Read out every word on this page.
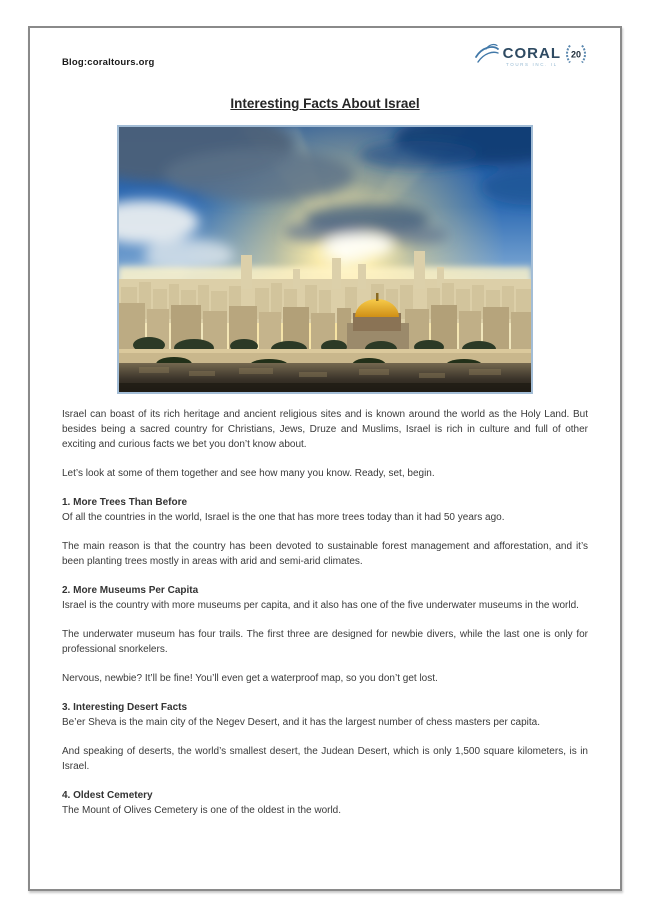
Blog:coraltours.org
CORAL
TOURS INC. IL
20
Interesting Facts About Israel

Israel can boast of its rich heritage and ancient religious sites and is known around the world as the Holy Land. But besides being a sacred country for Christians, Jews, Druze and Muslims, Israel is rich in culture and full of other exciting and curious facts we bet you don’t know about.

Let’s look at some of them together and see how many you know. Ready, set, begin.

1. More Trees Than Before

Of all the countries in the world, Israel is the one that has more trees today than it had 50 years ago.

The main reason is that the country has been devoted to sustainable forest management and afforestation, and it’s been planting trees mostly in areas with arid and semi-arid climates.

2. More Museums Per Capita

Israel is the country with more museums per capita, and it also has one of the five underwater museums in the world.

The underwater museum has four trails. The first three are designed for newbie divers, while the last one is only for professional snorkelers.

Nervous, newbie? It’ll be fine! You’ll even get a waterproof map, so you don’t get lost.

3. Interesting Desert Facts

Be’er Sheva is the main city of the Negev Desert, and it has the largest number of chess masters per capita.

And speaking of deserts, the world’s smallest desert, the Judean Desert, which is only 1,500 square kilometers, is in Israel.

4. Oldest Cemetery

The Mount of Olives Cemetery is one of the oldest in the world.
